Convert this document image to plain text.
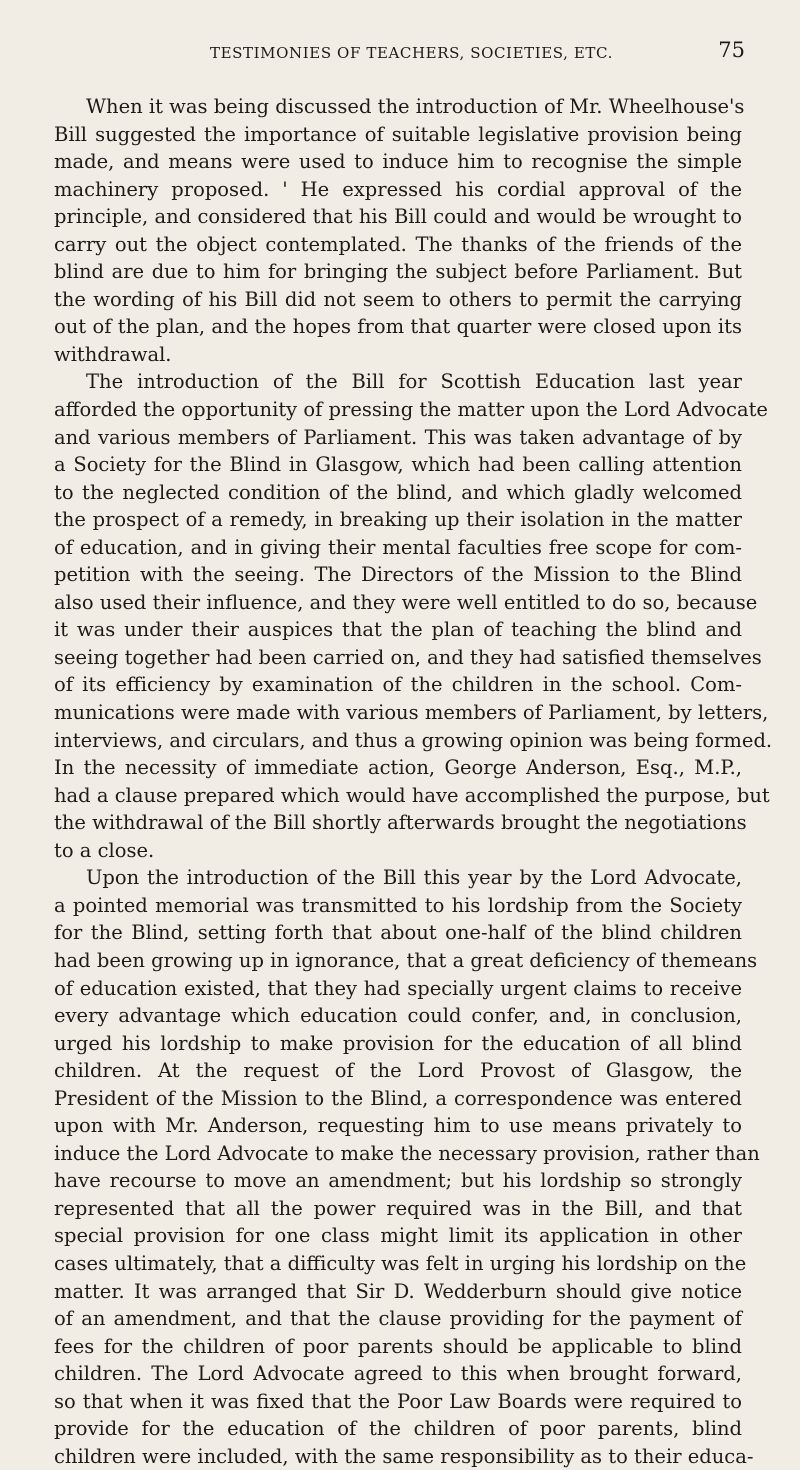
TESTIMONIES OF TEACHERS, SOCIETIES, ETC.	75
When it was being discussed the introduction of Mr. Wheelhouse's
Bill suggested the importance of suitable legislative provision being
made, and means were used to induce him to recognise the simple
machinery proposed. ' He expressed his cordial approval of the
principle, and considered that his Bill could and would be wrought to
carry out the object contemplated. The thanks of the friends of the
blind are due to him for bringing the subject before Parliament. But
the wording of his Bill did not seem to others to permit the carrying
out of the plan, and the hopes from that quarter were closed upon its
withdrawal.
The introduction of the Bill for Scottish Education last year
afforded the opportunity of pressing the matter upon the Lord Advocate
and various members of Parliament. This was taken advantage of by
a Society for the Blind in Glasgow, which had been calling attention
to the neglected condition of the blind, and which gladly welcomed
the prospect of a remedy, in breaking up their isolation in the matter
of education, and in giving their mental faculties free scope for com-
petition with the seeing. The Directors of the Mission to the Blind
also used their influence, and they were well entitled to do so, because
it was under their auspices that the plan of teaching the blind and
seeing together had been carried on, and they had satisfied themselves
of its efficiency by examination of the children in the school. Com-
munications were made with various members of Parliament, by letters,
interviews, and circulars, and thus a growing opinion was being formed.
In the necessity of immediate action, George Anderson, Esq., M.P.,
had a clause prepared which would have accomplished the purpose, but
the withdrawal of the Bill shortly afterwards brought the negotiations
to a close.
Upon the introduction of the Bill this year by the Lord Advocate,
a pointed memorial was transmitted to his lordship from the Society
for the Blind, setting forth that about one-half of the blind children
had been growing up in ignorance, that a great deficiency of themeans
of education existed, that they had specially urgent claims to receive
every advantage which education could confer, and, in conclusion,
urged his lordship to make provision for the education of all blind
children. At the request of the Lord Provost of Glasgow, the
President of the Mission to the Blind, a correspondence was entered
upon with Mr. Anderson, requesting him to use means privately to
induce the Lord Advocate to make the necessary provision, rather than
have recourse to move an amendment; but his lordship so strongly
represented that all the power required was in the Bill, and that
special provision for one class might limit its application in other
cases ultimately, that a difficulty was felt in urging his lordship on the
matter. It was arranged that Sir D. Wedderburn should give notice
of an amendment, and that the clause providing for the payment of
fees for the children of poor parents should be applicable to blind
children. The Lord Advocate agreed to this when brought forward,
so that when it was fixed that the Poor Law Boards were required to
provide for the education of the children of poor parents, blind
children were included, with the same responsibility as to their educa-
